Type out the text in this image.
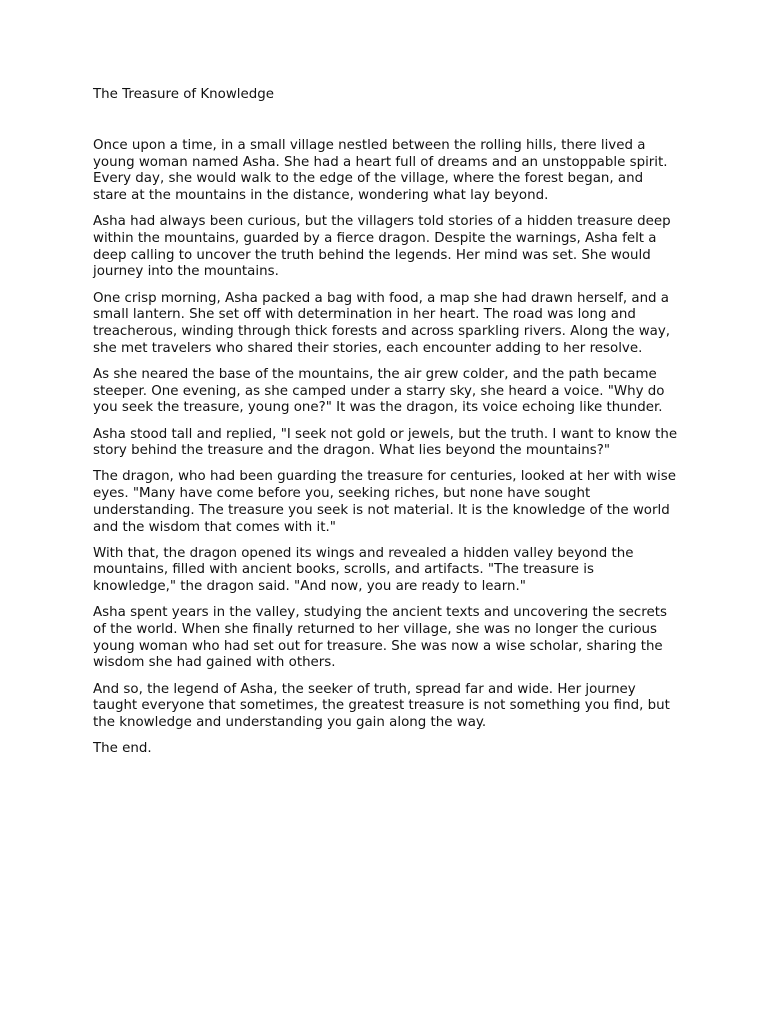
The Treasure of Knowledge

Once upon a time, in a small village nestled between the rolling hills, there lived a young woman named Asha. She had a heart full of dreams and an unstoppable spirit. Every day, she would walk to the edge of the village, where the forest began, and stare at the mountains in the distance, wondering what lay beyond.

Asha had always been curious, but the villagers told stories of a hidden treasure deep within the mountains, guarded by a fierce dragon. Despite the warnings, Asha felt a deep calling to uncover the truth behind the legends. Her mind was set. She would journey into the mountains.

One crisp morning, Asha packed a bag with food, a map she had drawn herself, and a small lantern. She set off with determination in her heart. The road was long and treacherous, winding through thick forests and across sparkling rivers. Along the way, she met travelers who shared their stories, each encounter adding to her resolve.

As she neared the base of the mountains, the air grew colder, and the path became steeper. One evening, as she camped under a starry sky, she heard a voice. "Why do you seek the treasure, young one?" It was the dragon, its voice echoing like thunder.

Asha stood tall and replied, "I seek not gold or jewels, but the truth. I want to know the story behind the treasure and the dragon. What lies beyond the mountains?"

The dragon, who had been guarding the treasure for centuries, looked at her with wise eyes. "Many have come before you, seeking riches, but none have sought understanding. The treasure you seek is not material. It is the knowledge of the world and the wisdom that comes with it."

With that, the dragon opened its wings and revealed a hidden valley beyond the mountains, filled with ancient books, scrolls, and artifacts. "The treasure is knowledge," the dragon said. "And now, you are ready to learn."

Asha spent years in the valley, studying the ancient texts and uncovering the secrets of the world. When she finally returned to her village, she was no longer the curious young woman who had set out for treasure. She was now a wise scholar, sharing the wisdom she had gained with others.

And so, the legend of Asha, the seeker of truth, spread far and wide. Her journey taught everyone that sometimes, the greatest treasure is not something you find, but the knowledge and understanding you gain along the way.

The end.
